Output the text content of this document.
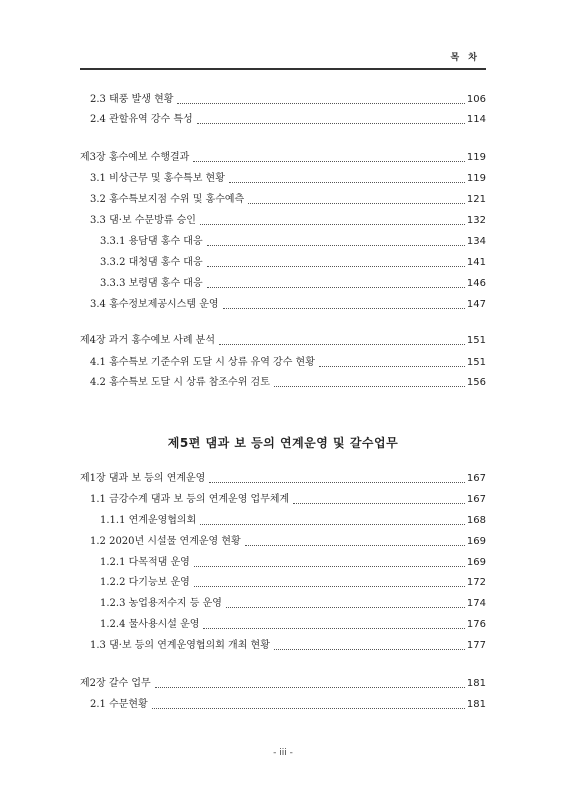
목 차
2.3 태풍 발생 현황	106
2.4 관할유역 강수 특성	114
제3장 홍수예보 수행결과	119
3.1 비상근무 및 홍수특보 현황	119
3.2 홍수특보지점 수위 및 홍수예측	121
3.3 댐·보 수문방류 승인	132
3.3.1 용담댐 홍수 대응	134
3.3.2 대청댐 홍수 대응	141
3.3.3 보령댐 홍수 대응	146
3.4 홍수정보제공시스템 운영	147
제4장 과거 홍수예보 사례 분석	151
4.1 홍수특보 기준수위 도달 시 상류 유역 강수 현황	151
4.2 홍수특보 도달 시 상류 참조수위 검토	156
제5편 댐과 보 등의 연계운영 및 갈수업무
제1장 댐과 보 등의 연계운영	167
1.1 금강수계 댐과 보 등의 연계운영 업무체계	167
1.1.1 연계운영협의회	168
1.2 2020년 시설물 연계운영 현황	169
1.2.1 다목적댐 운영	169
1.2.2 다기능보 운영	172
1.2.3 농업용저수지 등 운영	174
1.2.4 물사용시설 운영	176
1.3 댐·보 등의 연계운영협의회 개최 현황	177
제2장 갈수 업무	181
2.1 수문현황	181
- iii -
